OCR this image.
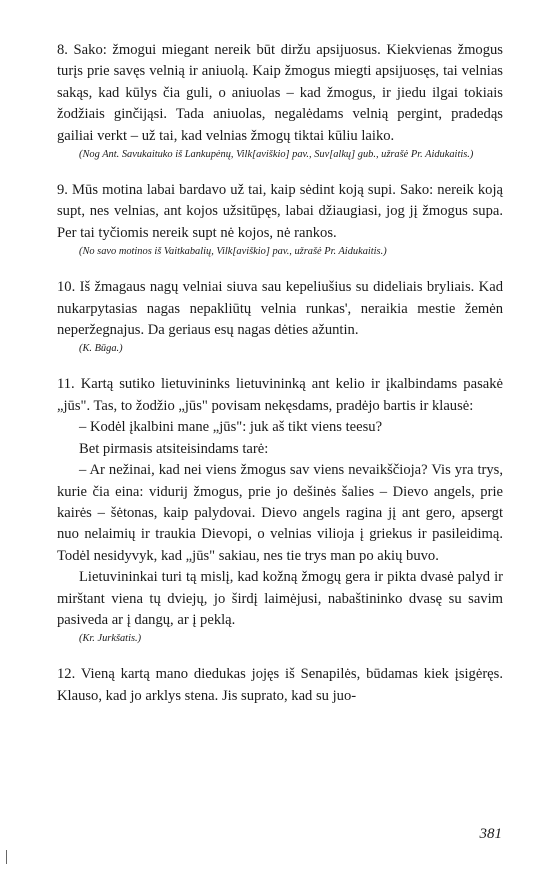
8. Sako: žmogui miegant nereik būt diržu apsijuosus. Kiekvienas žmogus turįs prie savęs velnią ir aniuolą. Kaip žmogus miegti apsijuosęs, tai velnias sakąs, kad kūlys čia guli, o aniuolas – kad žmogus, ir jiedu ilgai tokiais žodžiais ginčijąsi. Tada aniuolas, negalėdams velnią pergint, pradedąs gailiai verkt – už tai, kad velnias žmogų tiktai kūliu laiko.

(Nog Ant. Savukaituko iš Lankupėnų, Vilk[aviškio] pav., Suv[alkų] gub., užrašė Pr. Aidukaitis.)

9. Mūs motina labai bardavo už tai, kaip sėdint koją supi. Sako: nereik koją supt, nes velnias, ant kojos užsitūpęs, labai džiaugiasi, jog jį žmogus supa. Per tai tyčiomis nereik supt nė kojos, nė rankos.

(No savo motinos iš Vaitkabalių, Vilk[aviškio] pav., užrašė Pr. Aidukaitis.)

10. Iš žmagaus nagų velniai siuva sau kepeliušius su dideliais bryliais. Kad nukarpytasias nagas nepakliūtų velnia runkas', neraikia mestie žemėn neperžegnajus. Da geriaus esų nagas dėties ažuntin.

(K. Būga.)

11. Kartą sutiko lietuvininks lietuvininką ant kelio ir įkalbindams pasakė „jūs". Tas, to žodžio „jūs" povisam nekęsdams, pradėjo bartis ir klausė:

– Kodėl įkalbini mane „jūs": juk aš tikt viens teesu?

Bet pirmasis atsiteisindams tarė:

– Ar nežinai, kad nei viens žmogus sav viens nevaikščioja? Vis yra trys, kurie čia eina: vidurij žmogus, prie jo dešinės šalies – Dievo angels, prie kairės – šėtonas, kaip palydovai. Dievo angels ragina jį ant gero, apsergt nuo nelaimių ir traukia Dievopi, o velnias vilioja į griekus ir pasileidimą. Todėl nesidyvyk, kad „jūs" sakiau, nes tie trys man po akių buvo.

Lietuvininkai turi tą mislį, kad kožną žmogų gera ir pikta dvasė palyd ir mirštant viena tų dviejų, jo širdį laimėjusi, nabaštininko dvasę su savim pasiveda ar į dangų, ar į peklą.

(Kr. Jurkšatis.)

12. Vieną kartą mano diedukas jojęs iš Senapilės, būdamas kiek įsigėręs. Klauso, kad jo arklys stena. Jis suprato, kad su juo-

381
